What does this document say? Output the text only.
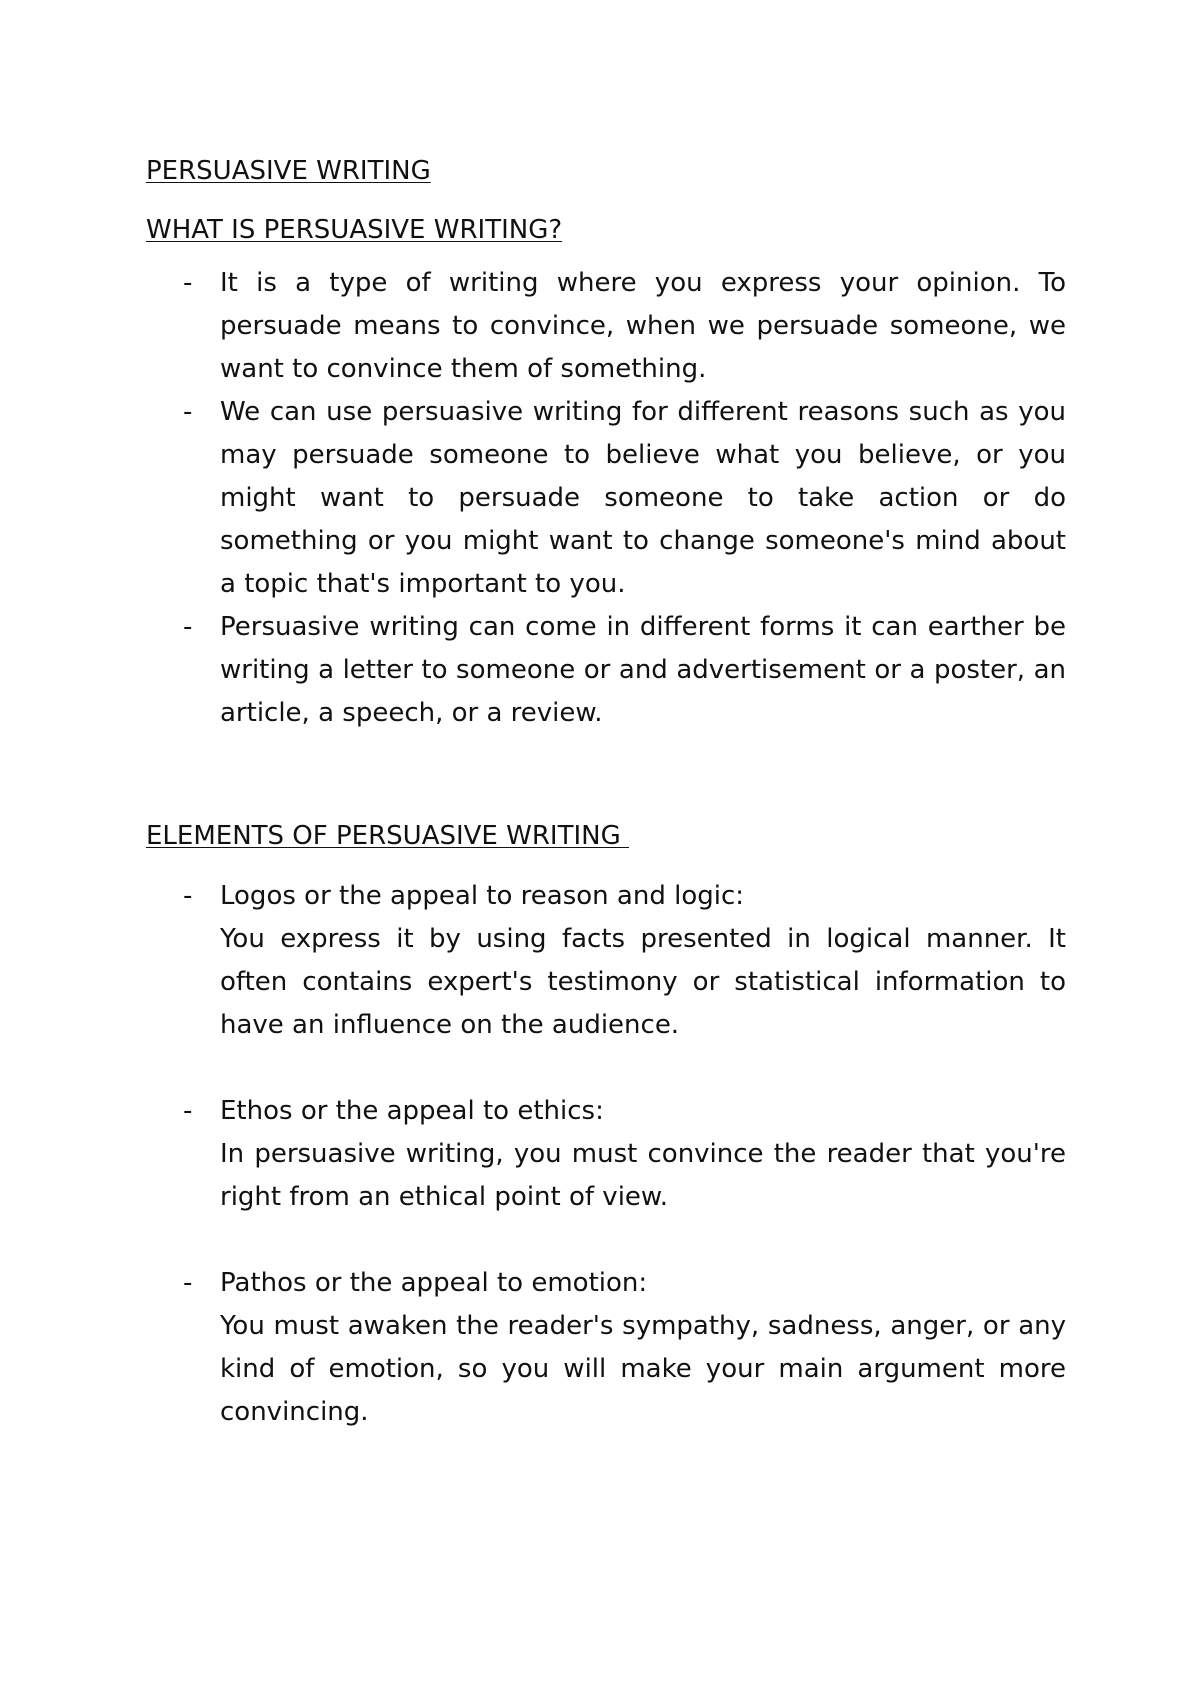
PERSUASIVE WRITING
WHAT IS PERSUASIVE WRITING?
- It is a type of writing where you express your opinion. To persuade means to convince, when we persuade someone, we want to convince them of something.

- We can use persuasive writing for different reasons such as you may persuade someone to believe what you believe, or you might want to persuade someone to take action or do something or you might want to change someone's mind about a topic that's important to you.

- Persuasive writing can come in different forms it can earther be writing a letter to someone or and advertisement or a poster, an article, a speech, or a review.

ELEMENTS OF PERSUASIVE WRITING
- Logos or the appeal to reason and logic:

You express it by using facts presented in logical manner. It often contains expert's testimony or statistical information to have an influence on the audience.

- Ethos or the appeal to ethics:

In persuasive writing, you must convince the reader that you're right from an ethical point of view.

- Pathos or the appeal to emotion:

You must awaken the reader's sympathy, sadness, anger, or any kind of emotion, so you will make your main argument more convincing.
